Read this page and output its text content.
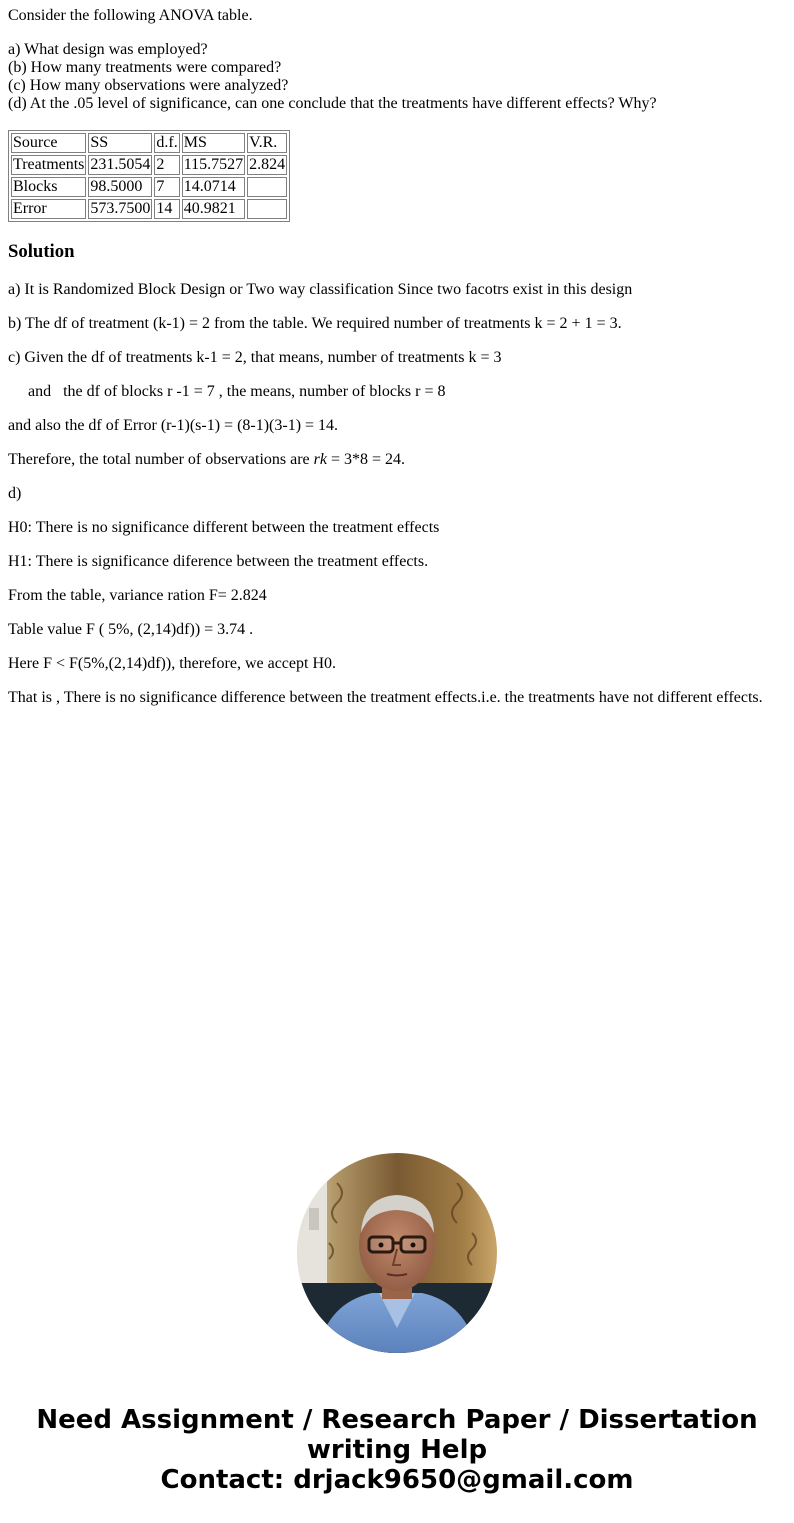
Consider the following ANOVA table.

a) What design was employed?
(b) How many treatments were compared?
(c) How many observations were analyzed?
(d) At the .05 level of significance, can one conclude that the treatments have different effects? Why?
Source	SS	d.f.	MS	V.R.
Treatments	231.5054	2	115.7527	2.824
Blocks	98.5000	7	14.0714	
Error	573.7500	14	40.9821	
Solution

a) It is Randomized Block Design or Two way classification Since two facotrs exist in this design

b) The df of treatment (k-1) = 2 from the table. We required number of treatments k = 2 + 1 = 3.

c) Given the df of treatments k-1 = 2, that means, number of treatments k = 3

and   the df of blocks r -1 = 7 , the means, number of blocks r = 8

and also the df of Error (r-1)(s-1) = (8-1)(3-1) = 14.

Therefore, the total number of observations are rk = 3*8 = 24.

d)

H0: There is no significance different between the treatment effects

H1: There is significance diference between the treatment effects.

From the table, variance ration F= 2.824

Table value F ( 5%, (2,14)df)) = 3.74 .

Here F < F(5%,(2,14)df)), therefore, we accept H0.

That is , There is no significance difference between the treatment effects.i.e. the treatments have not different effects.

Need Assignment / Research Paper / Dissertation
writing Help
Contact: drjack9650@gmail.com
